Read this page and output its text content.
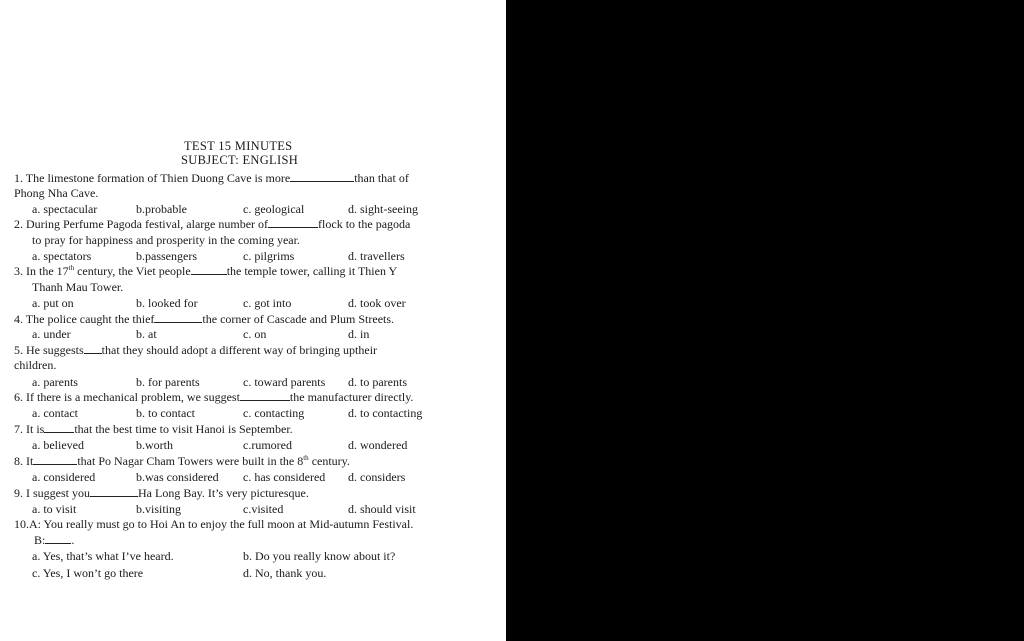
TEST 15 MINUTES
SUBJECT: ENGLISH
1. The limestone formation of Thien Duong Cave is more	than that of
Phong Nha Cave.
a. spectacular	b.probable	c. geological	d. sight-seeing
2. During Perfume Pagoda festival, alarge number of	flock to the pagoda
to pray for happiness and prosperity in the coming year.
a. spectators	b.passengers	c. pilgrims	d. travellers
3. In the 17th century, the Viet people	the temple tower, calling it Thien Y
Thanh Mau Tower.
a. put on	b. looked for	c. got into	d. took over
4. The police caught the thief	the corner of Cascade and Plum Streets.
a. under	b. at	c. on	d. in
5. He suggests that they should adopt a different way of bringing uptheir
children.
a. parents	b. for parents	c. toward parents d. to parents
6. If there is a mechanical problem, we suggest	the manufacturer directly.
a. contact	b. to contact	c. contacting	d. to contacting
7. It is	that the best time to visit Hanoi is September.
a. believed	b.worth	c.rumored	d. wondered
8. It	that Po Nagar Cham Towers were built in the 8th century.
a. considered	b.was considered c. has considered d. considers
9. I suggest you	Ha Long Bay. It’s very picturesque.
a. to visit	b.visiting	c.visited	d. should visit
10.A: You really must go to Hoi An to enjoy the full moon at Mid-autumn Festival.
B: .
a. Yes, that’s what I’ve heard.	b. Do you really know about it?
c. Yes, I won’t go there	d. No, thank you.
